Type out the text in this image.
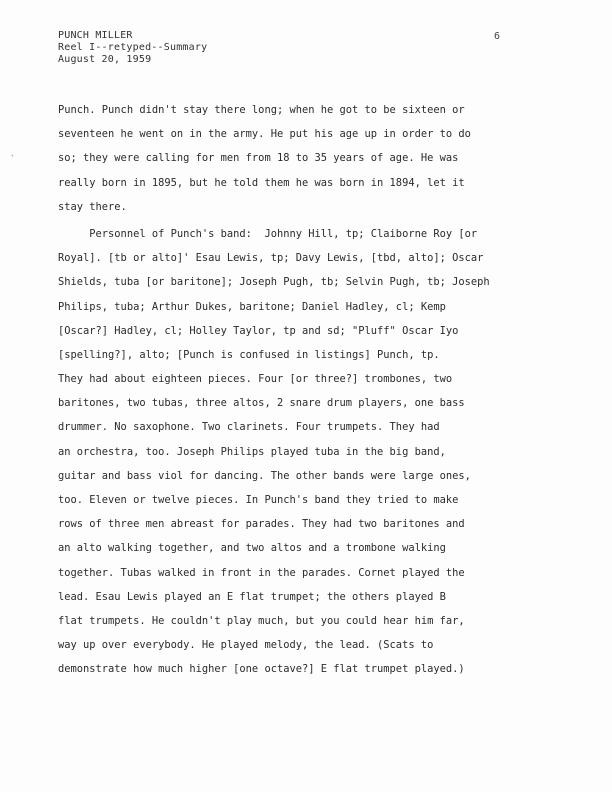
PUNCH MILLER
Reel I--retyped--Summary
August 20, 1959
6
`
Punch. Punch didn't stay there long; when he got to be sixteen or
seventeen he went on in the army. He put his age up in order to do
so; they were calling for men from 18 to 35 years of age. He was
really born in 1895, but he told them he was born in 1894, let it
stay there.
Personnel of Punch's band:  Johnny Hill, tp; Claiborne Roy [or
Royal]. [tb or alto]' Esau Lewis, tp; Davy Lewis, [tbd, alto]; Oscar
Shields, tuba [or baritone]; Joseph Pugh, tb; Selvin Pugh, tb; Joseph
Philips, tuba; Arthur Dukes, baritone; Daniel Hadley, cl; Kemp
[Oscar?] Hadley, cl; Holley Taylor, tp and sd; "Pluff" Oscar Iyo
[spelling?], alto; [Punch is confused in listings] Punch, tp.
They had about eighteen pieces. Four [or three?] trombones, two
baritones, two tubas, three altos, 2 snare drum players, one bass
drummer. No saxophone. Two clarinets. Four trumpets. They had
an orchestra, too. Joseph Philips played tuba in the big band,
guitar and bass viol for dancing. The other bands were large ones,
too. Eleven or twelve pieces. In Punch's band they tried to make
rows of three men abreast for parades. They had two baritones and
an alto walking together, and two altos and a trombone walking
together. Tubas walked in front in the parades. Cornet played the
lead. Esau Lewis played an E flat trumpet; the others played B
flat trumpets. He couldn't play much, but you could hear him far,
way up over everybody. He played melody, the lead. (Scats to
demonstrate how much higher [one octave?] E flat trumpet played.)
